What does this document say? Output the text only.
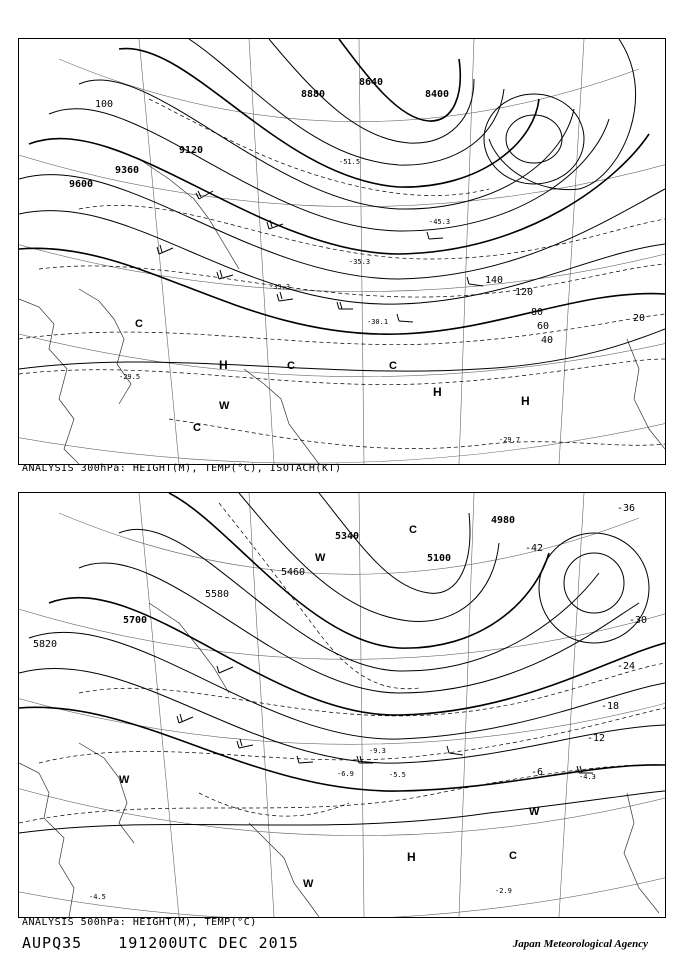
8400
8640
8880
9120
9360
9600
20
40
60
80
100
120
140
C
H	C
W
C
H
H
C
-29.5
-33.3
-35.3
-45.3
-51.5
-30.1
-29.7
ANALYSIS 300hPa: HEIGHT(M), TEMP(°C), ISOTACH(KT)
4980
5100
5340
5460
5580
5700
5820
-36
-30
-24
-18
-12
-6
-42
W
W
H	C
W
C
W
-5.5
-6.9
-9.3
-4.3
-2.9
-4.5
ANALYSIS 500hPa: HEIGHT(M), TEMP(°C)
AUPQ35 191200UTC DEC 2015	Japan Meteorological Agency
